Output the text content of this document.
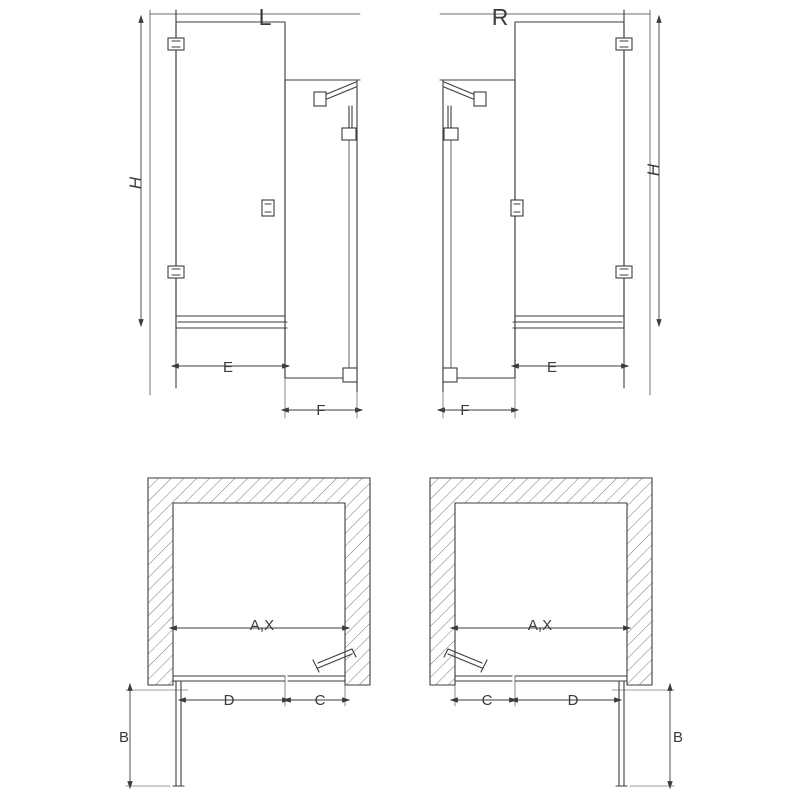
L	R
H
H
E
F
E
F
A,X
D	C
B
A,X
D
C
B
